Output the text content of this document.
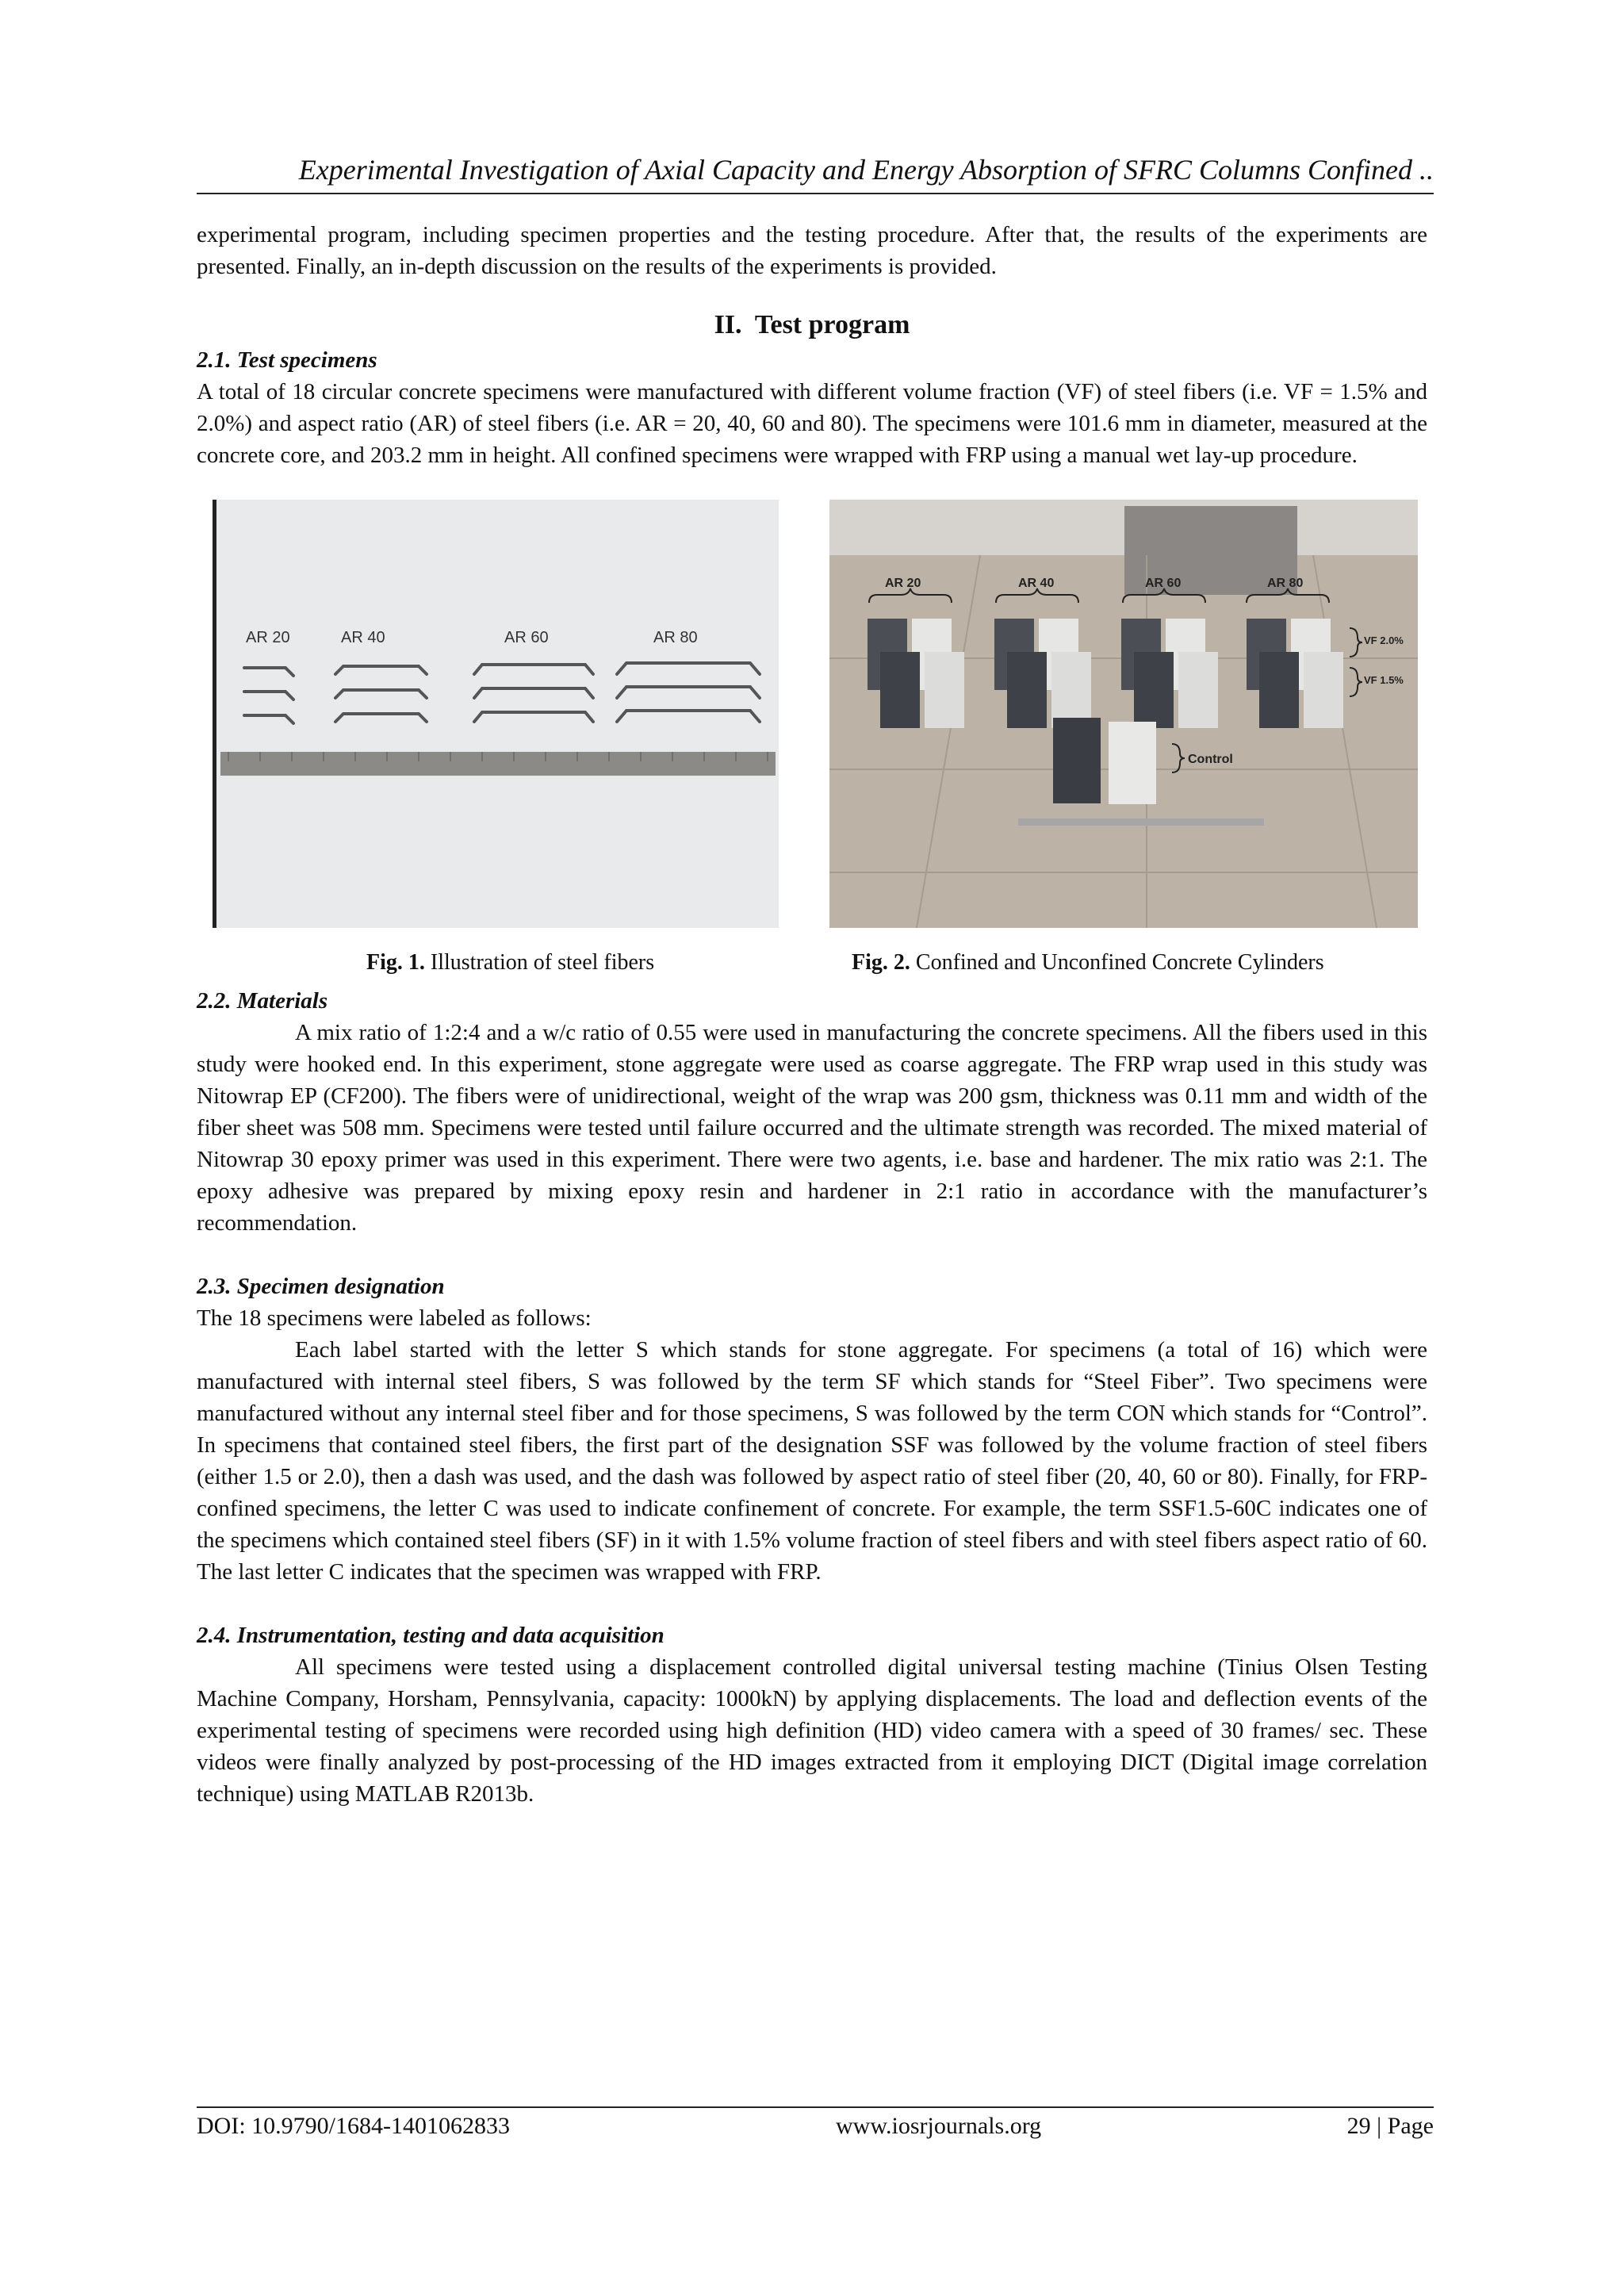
Experimental Investigation of Axial Capacity and Energy Absorption of SFRC Columns Confined ..

experimental program, including specimen properties and the testing procedure. After that, the results of the experiments are presented. Finally, an in-depth discussion on the results of the experiments is provided.

II. Test program

2.1. Test specimens

A total of 18 circular concrete specimens were manufactured with different volume fraction (VF) of steel fibers (i.e. VF = 1.5% and 2.0%) and aspect ratio (AR) of steel fibers (i.e. AR = 20, 40, 60 and 80). The specimens were 101.6 mm in diameter, measured at the concrete core, and 203.2 mm in height. All confined specimens were wrapped with FRP using a manual wet lay-up procedure.

AR 20	AR 40	AR 60	AR 80
AR 20	AR 40	AR 60	AR 80
VF 2.0%
VF 1.5%
Control
Fig. 1. Illustration of steel fibers	Fig. 2. Confined and Unconfined Concrete Cylinders

2.2. Materials

A mix ratio of 1:2:4 and a w/c ratio of 0.55 were used in manufacturing the concrete specimens. All the fibers used in this study were hooked end. In this experiment, stone aggregate were used as coarse aggregate. The FRP wrap used in this study was Nitowrap EP (CF200). The fibers were of unidirectional, weight of the wrap was 200 gsm, thickness was 0.11 mm and width of the fiber sheet was 508 mm. Specimens were tested until failure occurred and the ultimate strength was recorded. The mixed material of Nitowrap 30 epoxy primer was used in this experiment. There were two agents, i.e. base and hardener. The mix ratio was 2:1. The epoxy adhesive was prepared by mixing epoxy resin and hardener in 2:1 ratio in accordance with the manufacturer’s recommendation.

2.3. Specimen designation

The 18 specimens were labeled as follows:

Each label started with the letter S which stands for stone aggregate. For specimens (a total of 16) which were manufactured with internal steel fibers, S was followed by the term SF which stands for “Steel Fiber”. Two specimens were manufactured without any internal steel fiber and for those specimens, S was followed by the term CON which stands for “Control”. In specimens that contained steel fibers, the first part of the designation SSF was followed by the volume fraction of steel fibers (either 1.5 or 2.0), then a dash was used, and the dash was followed by aspect ratio of steel fiber (20, 40, 60 or 80). Finally, for FRP-confined specimens, the letter C was used to indicate confinement of concrete. For example, the term SSF1.5-60C indicates one of the specimens which contained steel fibers (SF) in it with 1.5% volume fraction of steel fibers and with steel fibers aspect ratio of 60. The last letter C indicates that the specimen was wrapped with FRP.

2.4. Instrumentation, testing and data acquisition

All specimens were tested using a displacement controlled digital universal testing machine (Tinius Olsen Testing Machine Company, Horsham, Pennsylvania, capacity: 1000kN) by applying displacements. The load and deflection events of the experimental testing of specimens were recorded using high definition (HD) video camera with a speed of 30 frames/ sec. These videos were finally analyzed by post-processing of the HD images extracted from it employing DICT (Digital image correlation technique) using MATLAB R2013b.

DOI: 10.9790/1684-1401062833	www.iosrjournals.org	29 | Page
